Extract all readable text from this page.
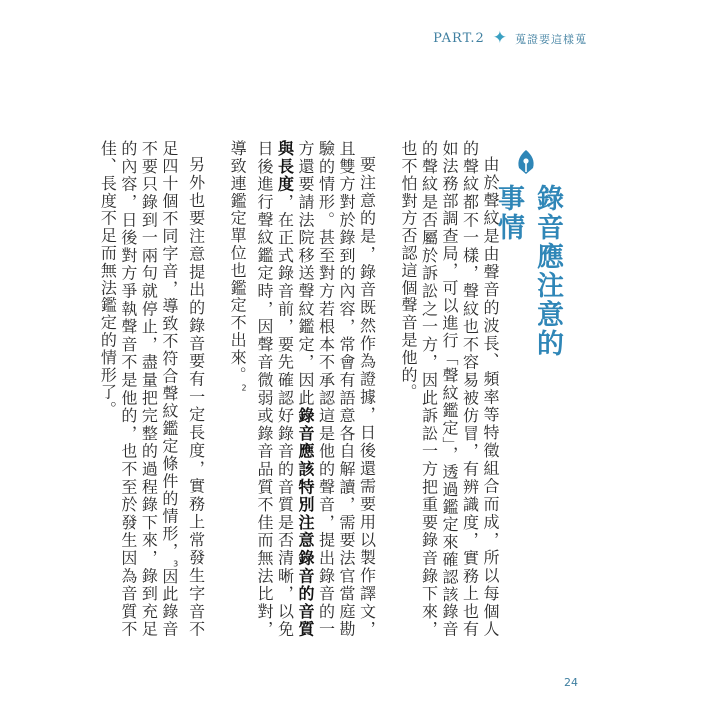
PART.2 ✦ 蒐證要這樣蒐
錄音應注意的事情

由於聲紋是由聲音的波長、頻率等特徵組合而成，所以每個人的聲紋都不一樣，聲紋也不容易被仿冒，有辨識度，實務上也有如法務部調查局，可以進行「聲紋鑑定」，透過鑑定來確認該錄音的聲紋是否屬於訴訟之一方，因此訴訟一方把重要錄音錄下來，也不怕對方否認這個聲音是他的。

要注意的是，錄音既然作為證據，日後還需要用以製作譯文，且雙方對於錄到的內容，常會有語意各自解讀，需要法官當庭勘驗的情形。甚至對方若根本不承認這是他的聲音，提出錄音的一方還要請法院移送聲紋鑑定，因此錄音應該特別注意錄音的音質與長度，在正式錄音前，要先確認好錄音的音質是否清晰，以免日後進行聲紋鑑定時，因聲音微弱或錄音品質不佳而無法比對，導致連鑑定單位也鑑定不出來。$^2$

另外也要注意提出的錄音要有一定長度，實務上常發生字音不足四十個不同字音，導致不符合聲紋鑑定條件的情形，$^3$因此錄音不要只錄到一兩句就停止，盡量把完整的過程錄下來，錄到充足的內容，日後對方爭執聲音不是他的，也不至於發生因為音質不佳、長度不足而無法鑑定的情形了。

24
